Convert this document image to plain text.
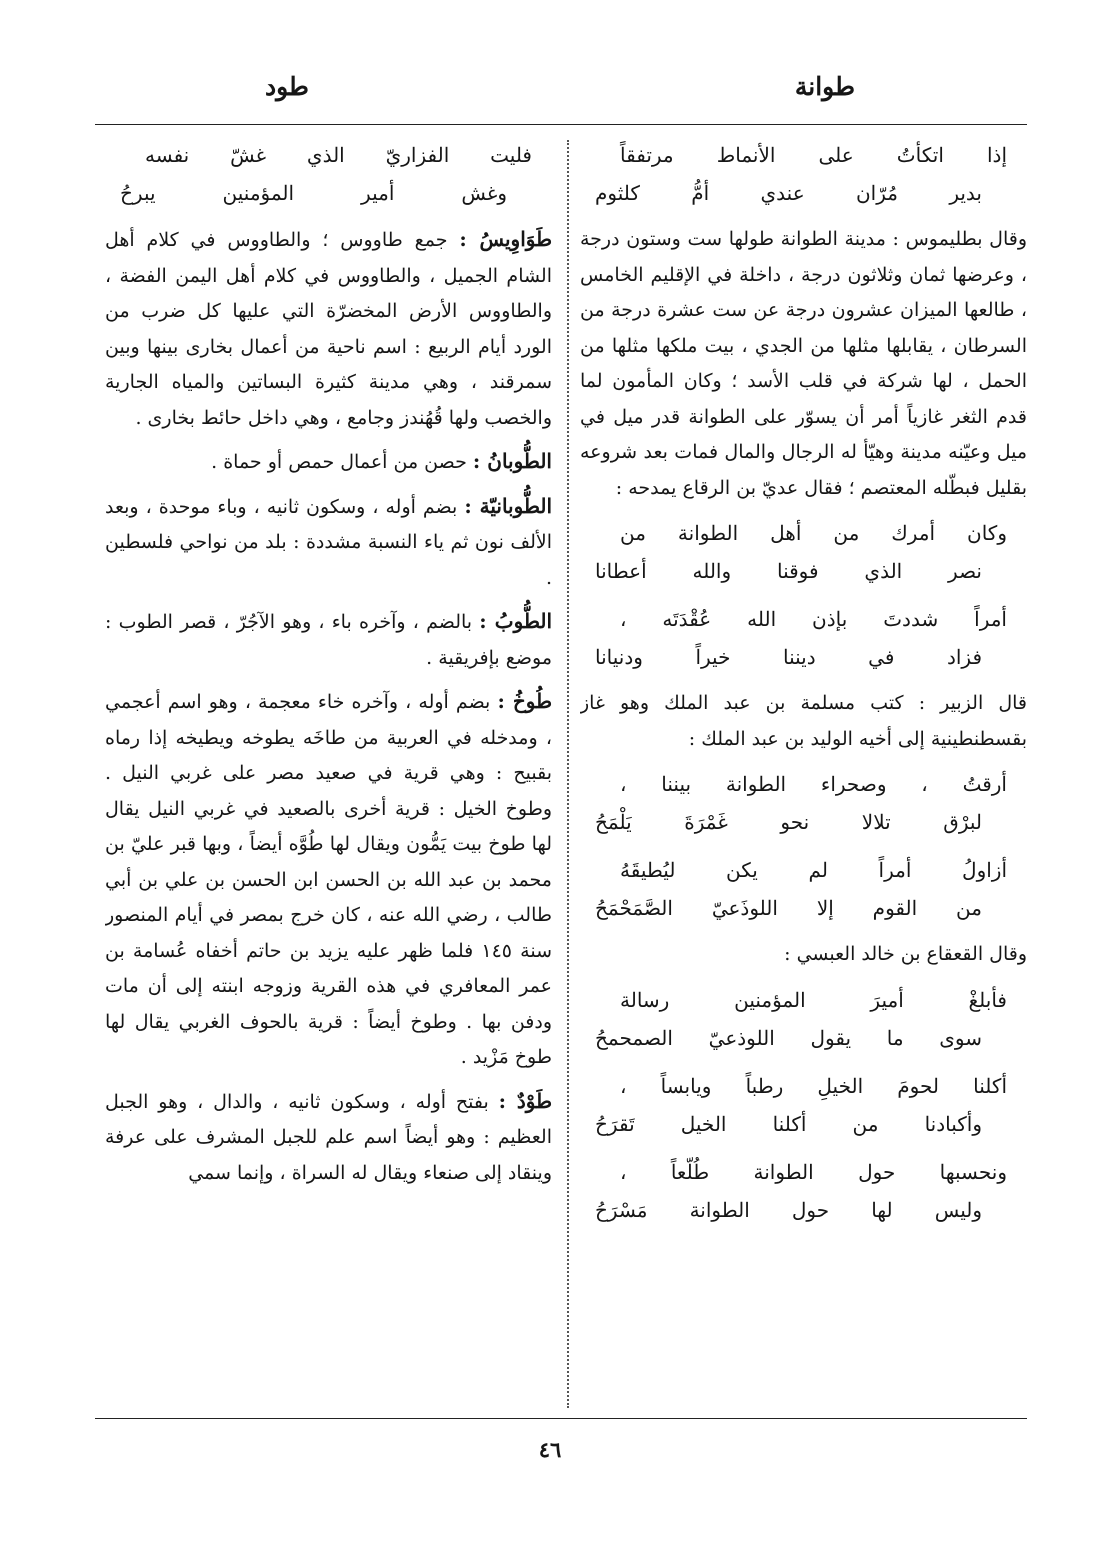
طوانة
طود
إذا اتكأتُ على الأنماط مرتفقاً
بدير مُرّان عندي أمُّ كلثوم

وقال بطليموس : مدينة الطوانة طولها ست وستون درجة ، وعرضها ثمان وثلاثون درجة ، داخلة في الإقليم الخامس ، طالعها الميزان عشرون درجة عن ست عشرة درجة من السرطان ، يقابلها مثلها من الجدي ، بيت ملكها مثلها من الحمل ، لها شركة في قلب الأسد ؛ وكان المأمون لما قدم الثغر غازياً أمر أن يسوّر على الطوانة قدر ميل في ميل وعيّنه مدينة وهيّأ له الرجال والمال فمات بعد شروعه بقليل فبطّله المعتصم ؛ فقال عديّ بن الرقاع يمدحه :

وكان أمرك من أهل الطوانة من
نصر الذي فوقنا والله أعطانا
أمراً شددتَ بإذن الله عُقْدَتَه ،
فزاد في ديننا خيراً ودنيانا

قال الزبير : كتب مسلمة بن عبد الملك وهو غاز بقسطنطينية إلى أخيه الوليد بن عبد الملك :

أرقتُ ، وصحراء الطوانة بيننا ،
لبرْق تلالا نحو غَمْرَةَ يَلْمَحُ
أزاولُ أمراً لم يكن ليُطيقَهُ
من القوم إلا اللوذَعيّ الصَّمَحْمَحُ

وقال القعقاع بن خالد العبسي :

فأبلغْ أميرَ المؤمنين رسالة
سوى ما يقول اللوذعيّ الصمحمحُ
أكلنا لحومَ الخيلِ رطباً ويابساً ،
وأكبادنا من أكلنا الخيل تَقرَحُ
ونحسبها حول الطوانة طُلّعاً ،
وليس لها حول الطوانة مَسْرَحُ
فليت الفزاريّ الذي غشّ نفسه
وغش أمير المؤمنين يبرحُ

طَوَاوِيسُ : جمع طاووس ؛ والطاووس في كلام أهل الشام الجميل ، والطاووس في كلام أهل اليمن الفضة ، والطاووس الأرض المخضرّة التي عليها كل ضرب من الورد أيام الربيع : اسم ناحية من أعمال بخارى بينها وبين سمرقند ، وهي مدينة كثيرة البساتين والمياه الجارية والخصب ولها قُهُندز وجامع ، وهي داخل حائط بخارى .

الطُّوبانُ : حصن من أعمال حمص أو حماة .

الطُّوبانيّة : بضم أوله ، وسكون ثانيه ، وباء موحدة ، وبعد الألف نون ثم ياء النسبة مشددة : بلد من نواحي فلسطين .

الطُّوبُ : بالضم ، وآخره باء ، وهو الآجُرّ ، قصر الطوب : موضع بإفريقية .

طُوخُ : بضم أوله ، وآخره خاء معجمة ، وهو اسم أعجمي ، ومدخله في العربية من طاخَه يطوخه ويطيخه إذا رماه بقبيح : وهي قرية في صعيد مصر على غربي النيل . وطوخ الخيل : قرية أخرى بالصعيد في غربي النيل يقال لها طوخ بيت يَمُّون ويقال لها طُوَّه أيضاً ، وبها قبر عليّ بن محمد بن عبد الله بن الحسن ابن الحسن بن علي بن أبي طالب ، رضي الله عنه ، كان خرج بمصر في أيام المنصور سنة ١٤٥ فلما ظهر عليه يزيد بن حاتم أخفاه عُسامة بن عمر المعافري في هذه القرية وزوجه ابنته إلى أن مات ودفن بها . وطوخ أيضاً : قرية بالحوف الغربي يقال لها طوخ مَزْيد .

طَوْدٌ : بفتح أوله ، وسكون ثانيه ، والدال ، وهو الجبل العظيم : وهو أيضاً اسم علم للجبل المشرف على عرفة وينقاد إلى صنعاء ويقال له السراة ، وإنما سمي

٤٦
